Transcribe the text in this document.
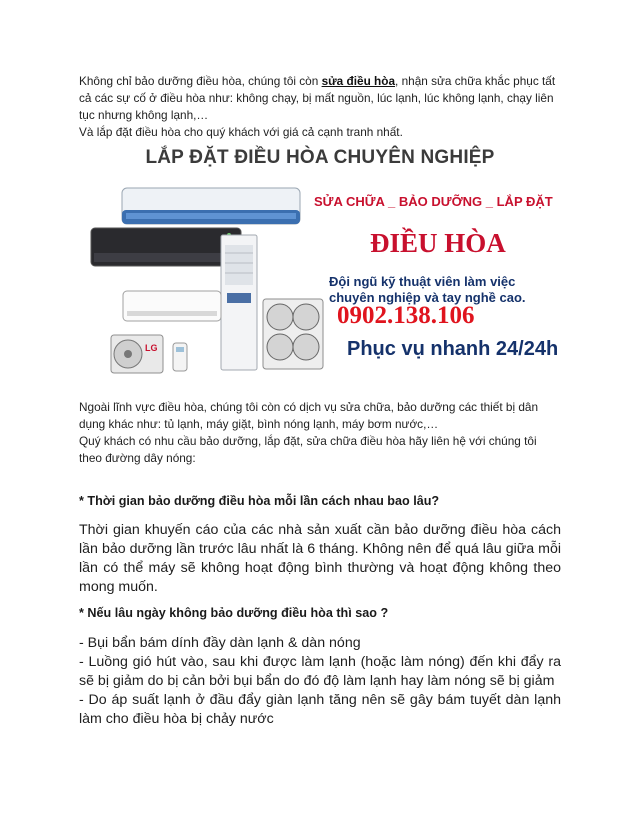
Không chỉ bảo dưỡng điều hòa, chúng tôi còn sửa điều hòa, nhận sửa chữa khắc phục tất cả các sự cố ở điều hòa như: không chạy, bị mất nguồn, lúc lạnh, lúc không lạnh, chạy liên tục nhưng không lạnh,…

Và lắp đặt điều hòa cho quý khách với giá cả cạnh tranh nhất.

LẮP ĐẶT ĐIỀU HÒA CHUYÊN NGHIỆP
LG
SỬA CHỮA _ BẢO DƯỠNG _ LẮP ĐẶT
ĐIỀU HÒA
Đội ngũ kỹ thuật viên làm việc
chuyên nghiệp và tay nghề cao.
0902.138.106
Phục vụ nhanh 24/24h

Ngoài lĩnh vực điều hòa, chúng tôi còn có dịch vụ sửa chữa, bảo dưỡng các thiết bị dân dụng khác như: tủ lạnh, máy giặt, bình nóng lạnh, máy bơm nước,…

Quý khách có nhu cầu bảo dưỡng, lắp đặt, sửa chữa điều hòa hãy liên hệ với chúng tôi theo đường dây nóng:

* Thời gian bảo dưỡng điều hòa mỗi lần cách nhau bao lâu?

Thời gian khuyến cáo của các nhà sản xuất cần bảo dưỡng điều hòa cách lần bảo dưỡng lần trước lâu nhất là 6 tháng. Không nên để quá lâu giữa mỗi lần có thể máy sẽ không hoạt động bình thường và hoạt động không theo mong muốn.

* Nếu lâu ngày không bảo dưỡng điều hòa thì sao ?

- Bụi bẩn bám dính đầy dàn lạnh & dàn nóng

- Luồng gió hút vào, sau khi được làm lạnh (hoặc làm nóng) đến khi đẩy ra sẽ bị giảm do bị cản bởi bụi bẩn do đó độ làm lạnh hay làm nóng sẽ bị giảm

- Do áp suất lạnh ở đầu đẩy giàn lạnh tăng nên sẽ gây bám tuyết dàn lạnh làm cho điều hòa bị chảy nước
